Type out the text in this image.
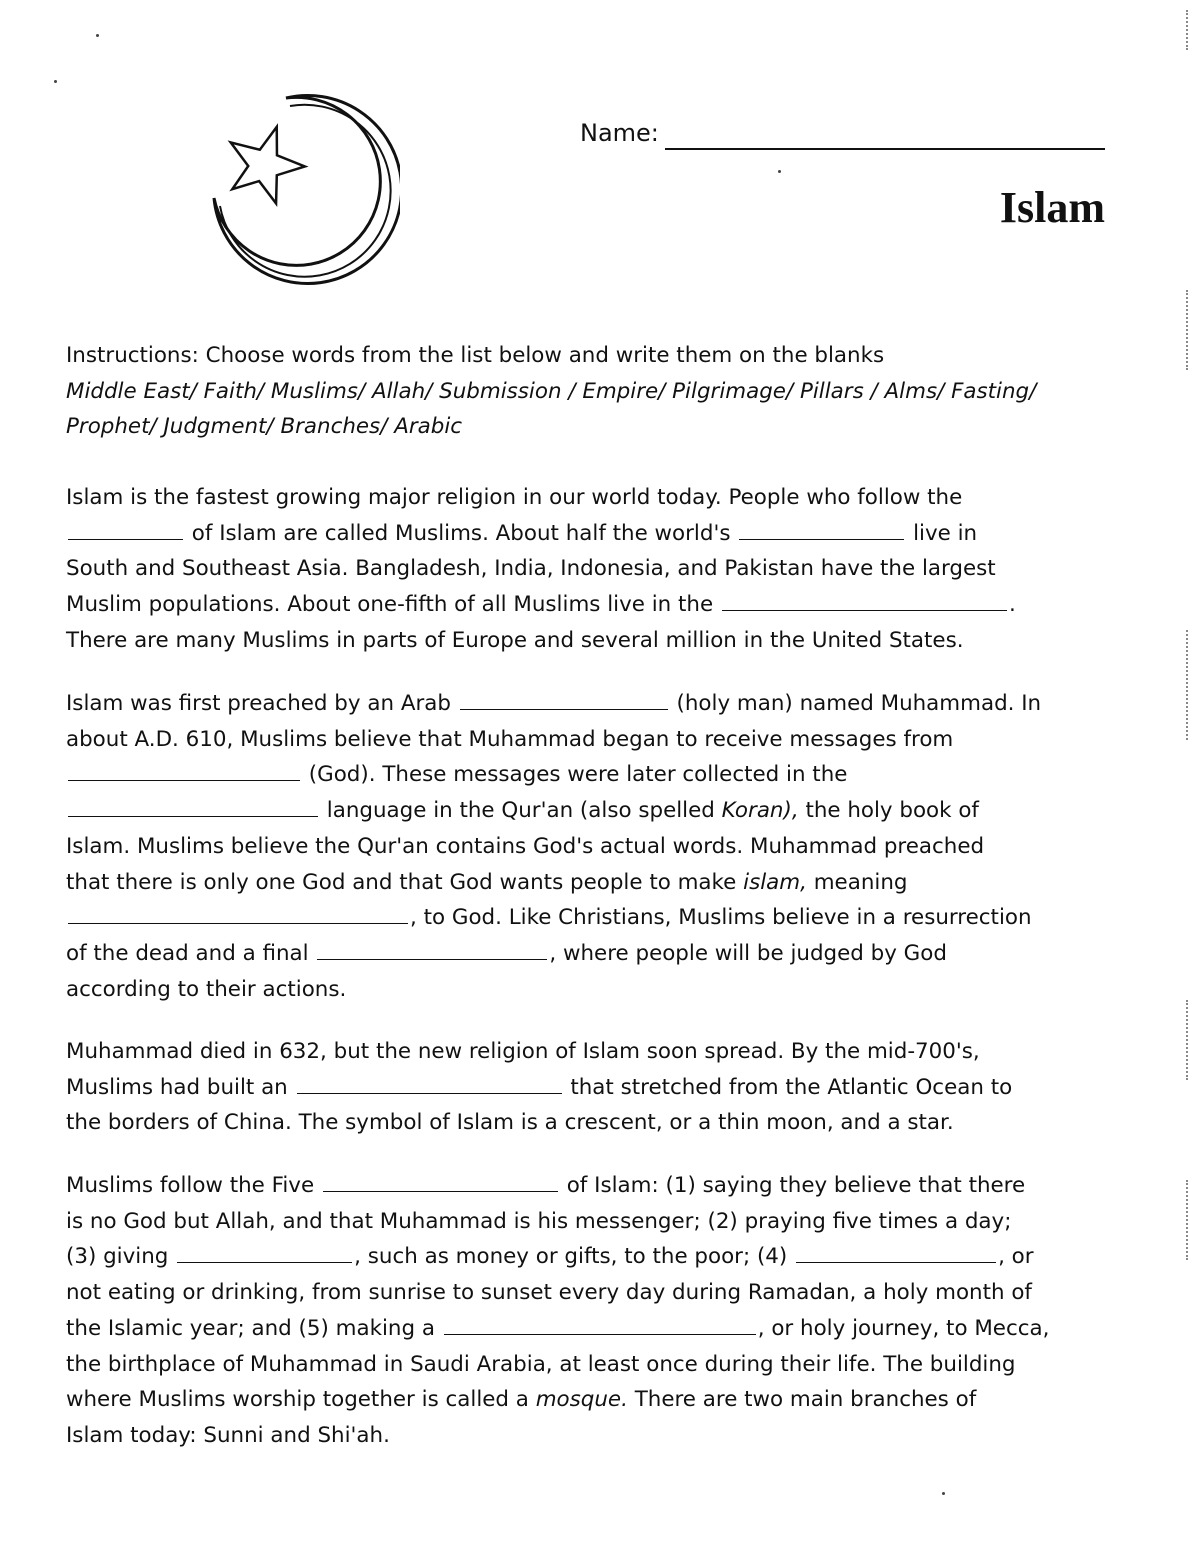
Name:
Islam
Instructions: Choose words from the list below and write them on the blanks
Middle East/ Faith/ Muslims/ Allah/ Submission / Empire/ Pilgrimage/ Pillars / Alms/ Fasting/
Prophet/ Judgment/ Branches/ Arabic
Islam is the fastest growing major religion in our world today. People who follow the
of Islam are called Muslims. About half the world's	live in
South and Southeast Asia. Bangladesh, India, Indonesia, and Pakistan have the largest
Muslim populations. About one-fifth of all Muslims live in the	.
There are many Muslims in parts of Europe and several million in the United States.
Islam was first preached by an Arab	(holy man) named Muhammad. In
about A.D. 610, Muslims believe that Muhammad began to receive messages from
(God). These messages were later collected in the
language in the Qur'an (also spelled Koran), the holy book of
Islam. Muslims believe the Qur'an contains God's actual words. Muhammad preached
that there is only one God and that God wants people to make islam, meaning
, to God. Like Christians, Muslims believe in a resurrection
of the dead and a final	, where people will be judged by God
according to their actions.
Muhammad died in 632, but the new religion of Islam soon spread. By the mid-700's,
Muslims had built an	that stretched from the Atlantic Ocean to
the borders of China. The symbol of Islam is a crescent, or a thin moon, and a star.
Muslims follow the Five	of Islam: (1) saying they believe that there
is no God but Allah, and that Muhammad is his messenger; (2) praying five times a day;
(3) giving	, such as money or gifts, to the poor; (4)	, or
not eating or drinking, from sunrise to sunset every day during Ramadan, a holy month of
the Islamic year; and (5) making a	, or holy journey, to Mecca,
the birthplace of Muhammad in Saudi Arabia, at least once during their life. The building
where Muslims worship together is called a mosque. There are two main branches of
Islam today: Sunni and Shi'ah.
